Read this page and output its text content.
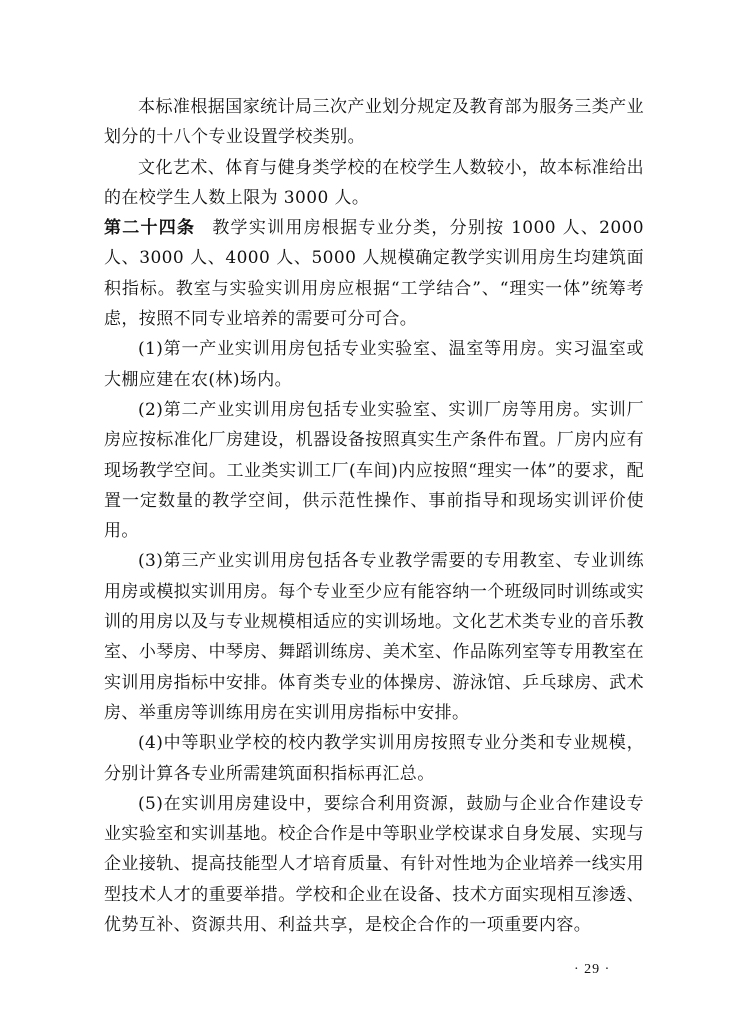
本标准根据国家统计局三次产业划分规定及教育部为服务三类产业划分的十八个专业设置学校类别。

文化艺术、体育与健身类学校的在校学生人数较小，故本标准给出的在校学生人数上限为 3000 人。

第二十四条 教学实训用房根据专业分类，分别按 1000 人、2000人、3000 人、4000 人、5000 人规模确定教学实训用房生均建筑面积指标。教室与实验实训用房应根据“工学结合”、“理实一体”统筹考虑，按照不同专业培养的需要可分可合。

(1)第一产业实训用房包括专业实验室、温室等用房。实习温室或大棚应建在农(林)场内。

(2)第二产业实训用房包括专业实验室、实训厂房等用房。实训厂房应按标准化厂房建设，机器设备按照真实生产条件布置。厂房内应有现场教学空间。工业类实训工厂(车间)内应按照“理实一体”的要求，配置一定数量的教学空间，供示范性操作、事前指导和现场实训评价使用。

(3)第三产业实训用房包括各专业教学需要的专用教室、专业训练用房或模拟实训用房。每个专业至少应有能容纳一个班级同时训练或实训的用房以及与专业规模相适应的实训场地。文化艺术类专业的音乐教室、小琴房、中琴房、舞蹈训练房、美术室、作品陈列室等专用教室在实训用房指标中安排。体育类专业的体操房、游泳馆、乒乓球房、武术房、举重房等训练用房在实训用房指标中安排。

(4)中等职业学校的校内教学实训用房按照专业分类和专业规模，分别计算各专业所需建筑面积指标再汇总。

(5)在实训用房建设中，要综合利用资源，鼓励与企业合作建设专业实验室和实训基地。校企合作是中等职业学校谋求自身发展、实现与企业接轨、提高技能型人才培育质量、有针对性地为企业培养一线实用型技术人才的重要举措。学校和企业在设备、技术方面实现相互渗透、优势互补、资源共用、利益共享，是校企合作的一项重要内容。

· 29 ·
